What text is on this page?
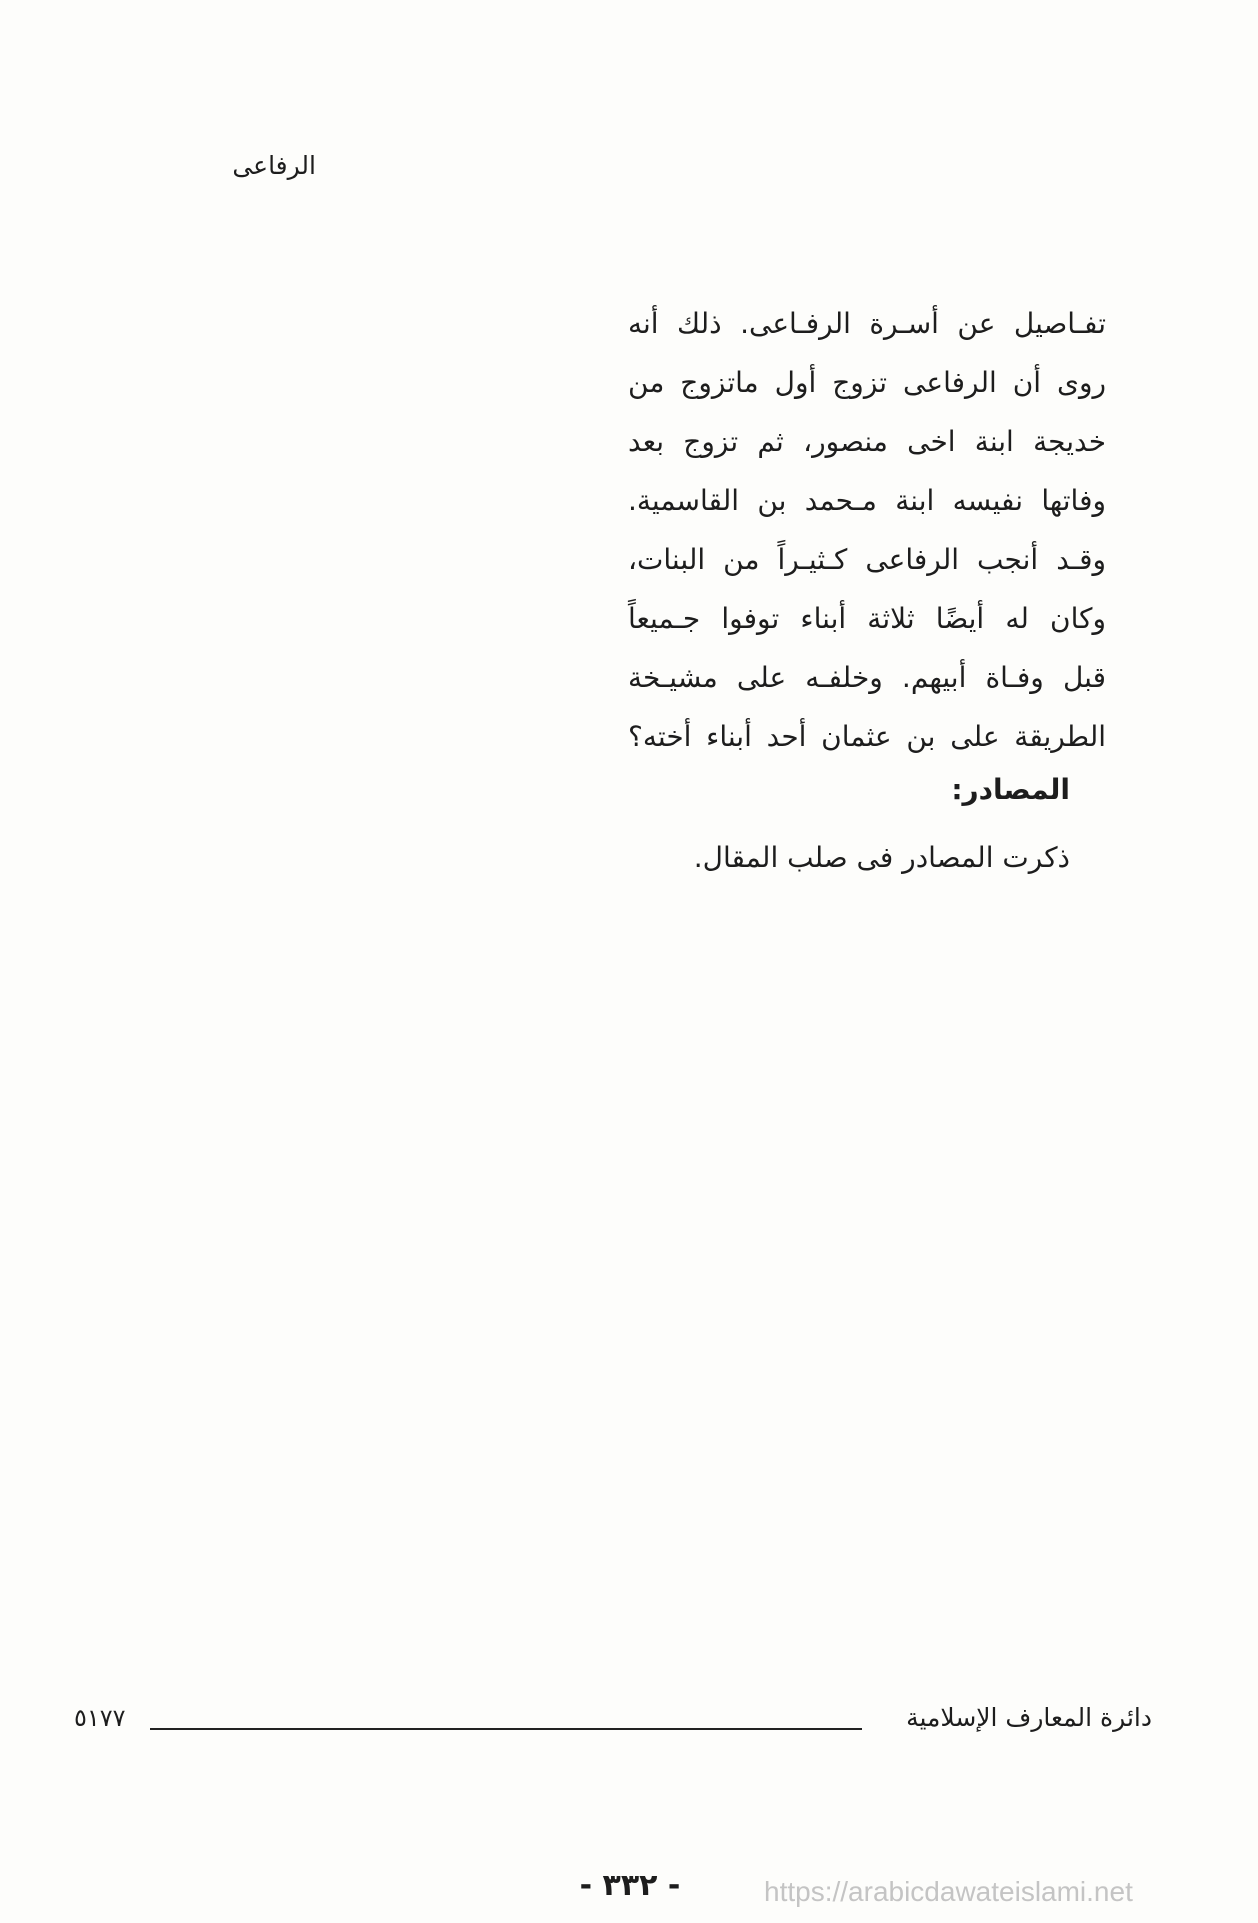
الرفاعى
تفـاصيل عن أسـرة الرفـاعى. ذلك أنه
روى أن الرفاعى تزوج أول ماتزوج من
خديجة ابنة اخى منصور، ثم تزوج بعد
وفاتها نفيسه ابنة مـحمد بن القاسمية.
وقـد أنجب الرفاعى كـثيـراً من البنات،
وكان له أيضًا ثلاثة أبناء توفوا جـميعاً
قبل وفـاة أبيهم. وخلفـه على مشيـخة
الطريقة على بن عثمان أحد أبناء أخته؟
المصادر:
ذكرت المصادر فى صلب المقال.
دائرة المعارف الإسلامية
٥١٧٧
- ٣٣٢ -	https://arabicdawateislami.net
